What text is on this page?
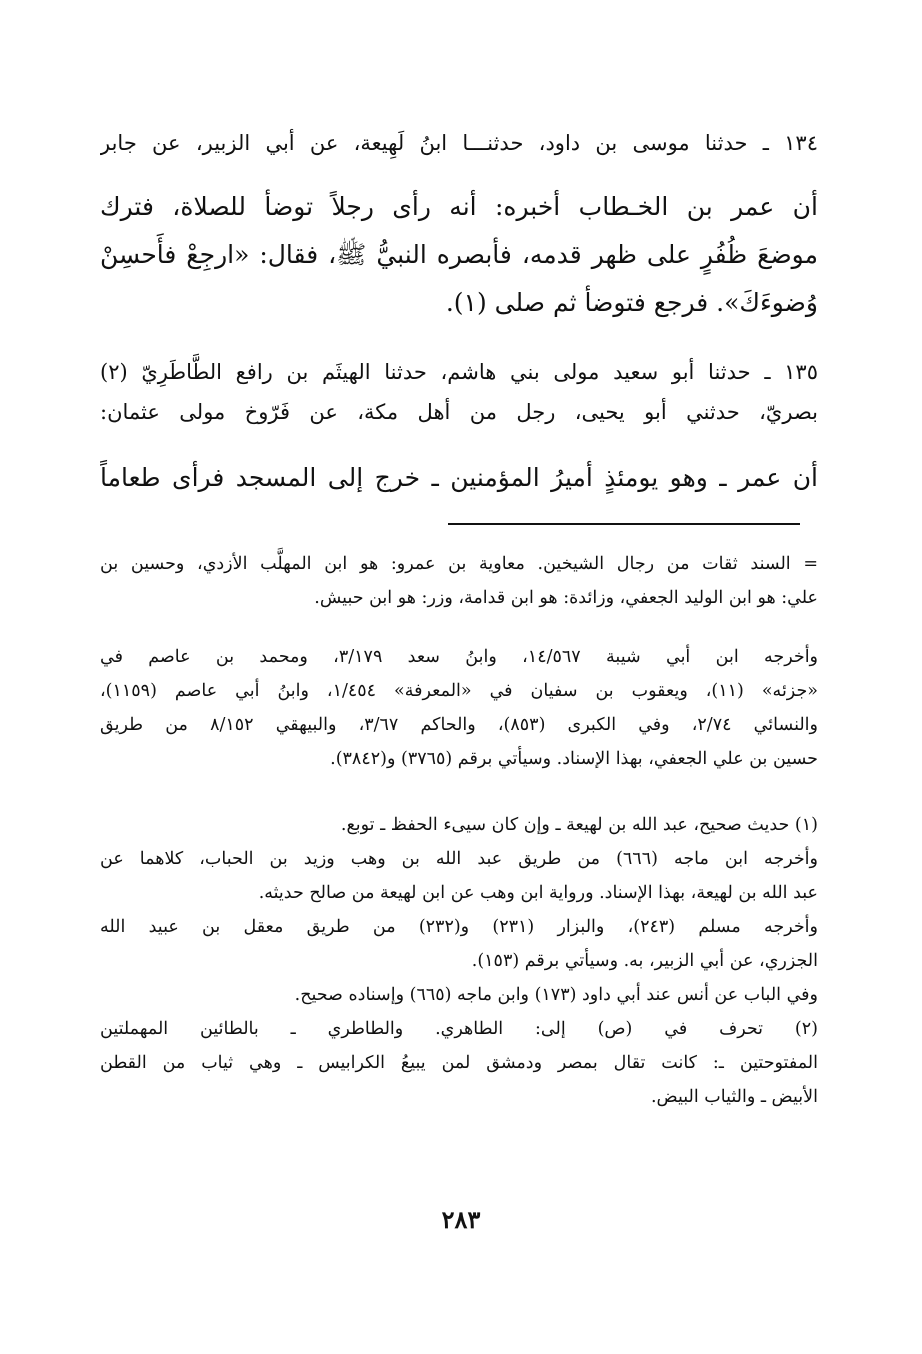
١٣٤ ـ حدثنا موسى بن داود، حدثنـــا ابنُ لَهِيعة، عن أبي الزبير، عن جابر
أن عمر بن الخـطاب أخبره: أنه رأى رجلاً توضأ للصلاة، فترك
موضعَ ظُفُرٍ على ظهر قدمه، فأبصره النبيُّ ﷺ، فقال: «ارجِعْ فأَحسِنْ
وُضوءَكَ». فرجع فتوضأ ثم صلى (١).
١٣٥ ـ حدثنا أبو سعيد مولى بني هاشم، حدثنا الهيثَم بن رافع الطَّاطَرِيّ (٢)
بصريّ، حدثني أبو يحيى، رجل من أهل مكة، عن فَرّوخ مولى عثمان:
أن عمر ـ وهو يومئذٍ أميرُ المؤمنين ـ خرج إلى المسجد فرأى طعاماً
= السند ثقات من رجال الشيخين. معاوية بن عمرو: هو ابن المهلَّب الأزدي، وحسين بن
علي: هو ابن الوليد الجعفي، وزائدة: هو ابن قدامة، وزر: هو ابن حبيش.
وأخرجه ابن أبي شيبة ١٤/٥٦٧، وابنُ سعد ٣/١٧٩، ومحمد بن عاصم في
«جزئه» (١١)، ويعقوب بن سفيان في «المعرفة» ١/٤٥٤، وابنُ أبي عاصم (١١٥٩)،
والنسائي ٢/٧٤، وفي الكبرى (٨٥٣)، والحاكم ٣/٦٧، والبيهقي ٨/١٥٢ من طريق
حسين بن علي الجعفي، بهذا الإسناد. وسيأتي برقم (٣٧٦٥) و(٣٨٤٢).
(١) حديث صحيح، عبد الله بن لهيعة ـ وإن كان سيىء الحفظ ـ توبع.
وأخرجه ابن ماجه (٦٦٦) من طريق عبد الله بن وهب وزيد بن الحباب، كلاهما عن
عبد الله بن لهيعة، بهذا الإسناد. ورواية ابن وهب عن ابن لهيعة من صالح حديثه.
وأخرجه مسلم (٢٤٣)، والبزار (٢٣١) و(٢٣٢) من طريق معقل بن عبيد الله
الجزري، عن أبي الزبير، به. وسيأتي برقم (١٥٣).
وفي الباب عن أنس عند أبي داود (١٧٣) وابن ماجه (٦٦٥) وإسناده صحيح.
(٢) تحرف في (ص) إلى: الطاهري. والطاطري ـ بالطائين المهملتين
المفتوحتين ـ: كانت تقال بمصر ودمشق لمن يبيعُ الكرابيس ـ وهي ثياب من القطن
الأبيض ـ والثياب البيض.
٢٨٣
